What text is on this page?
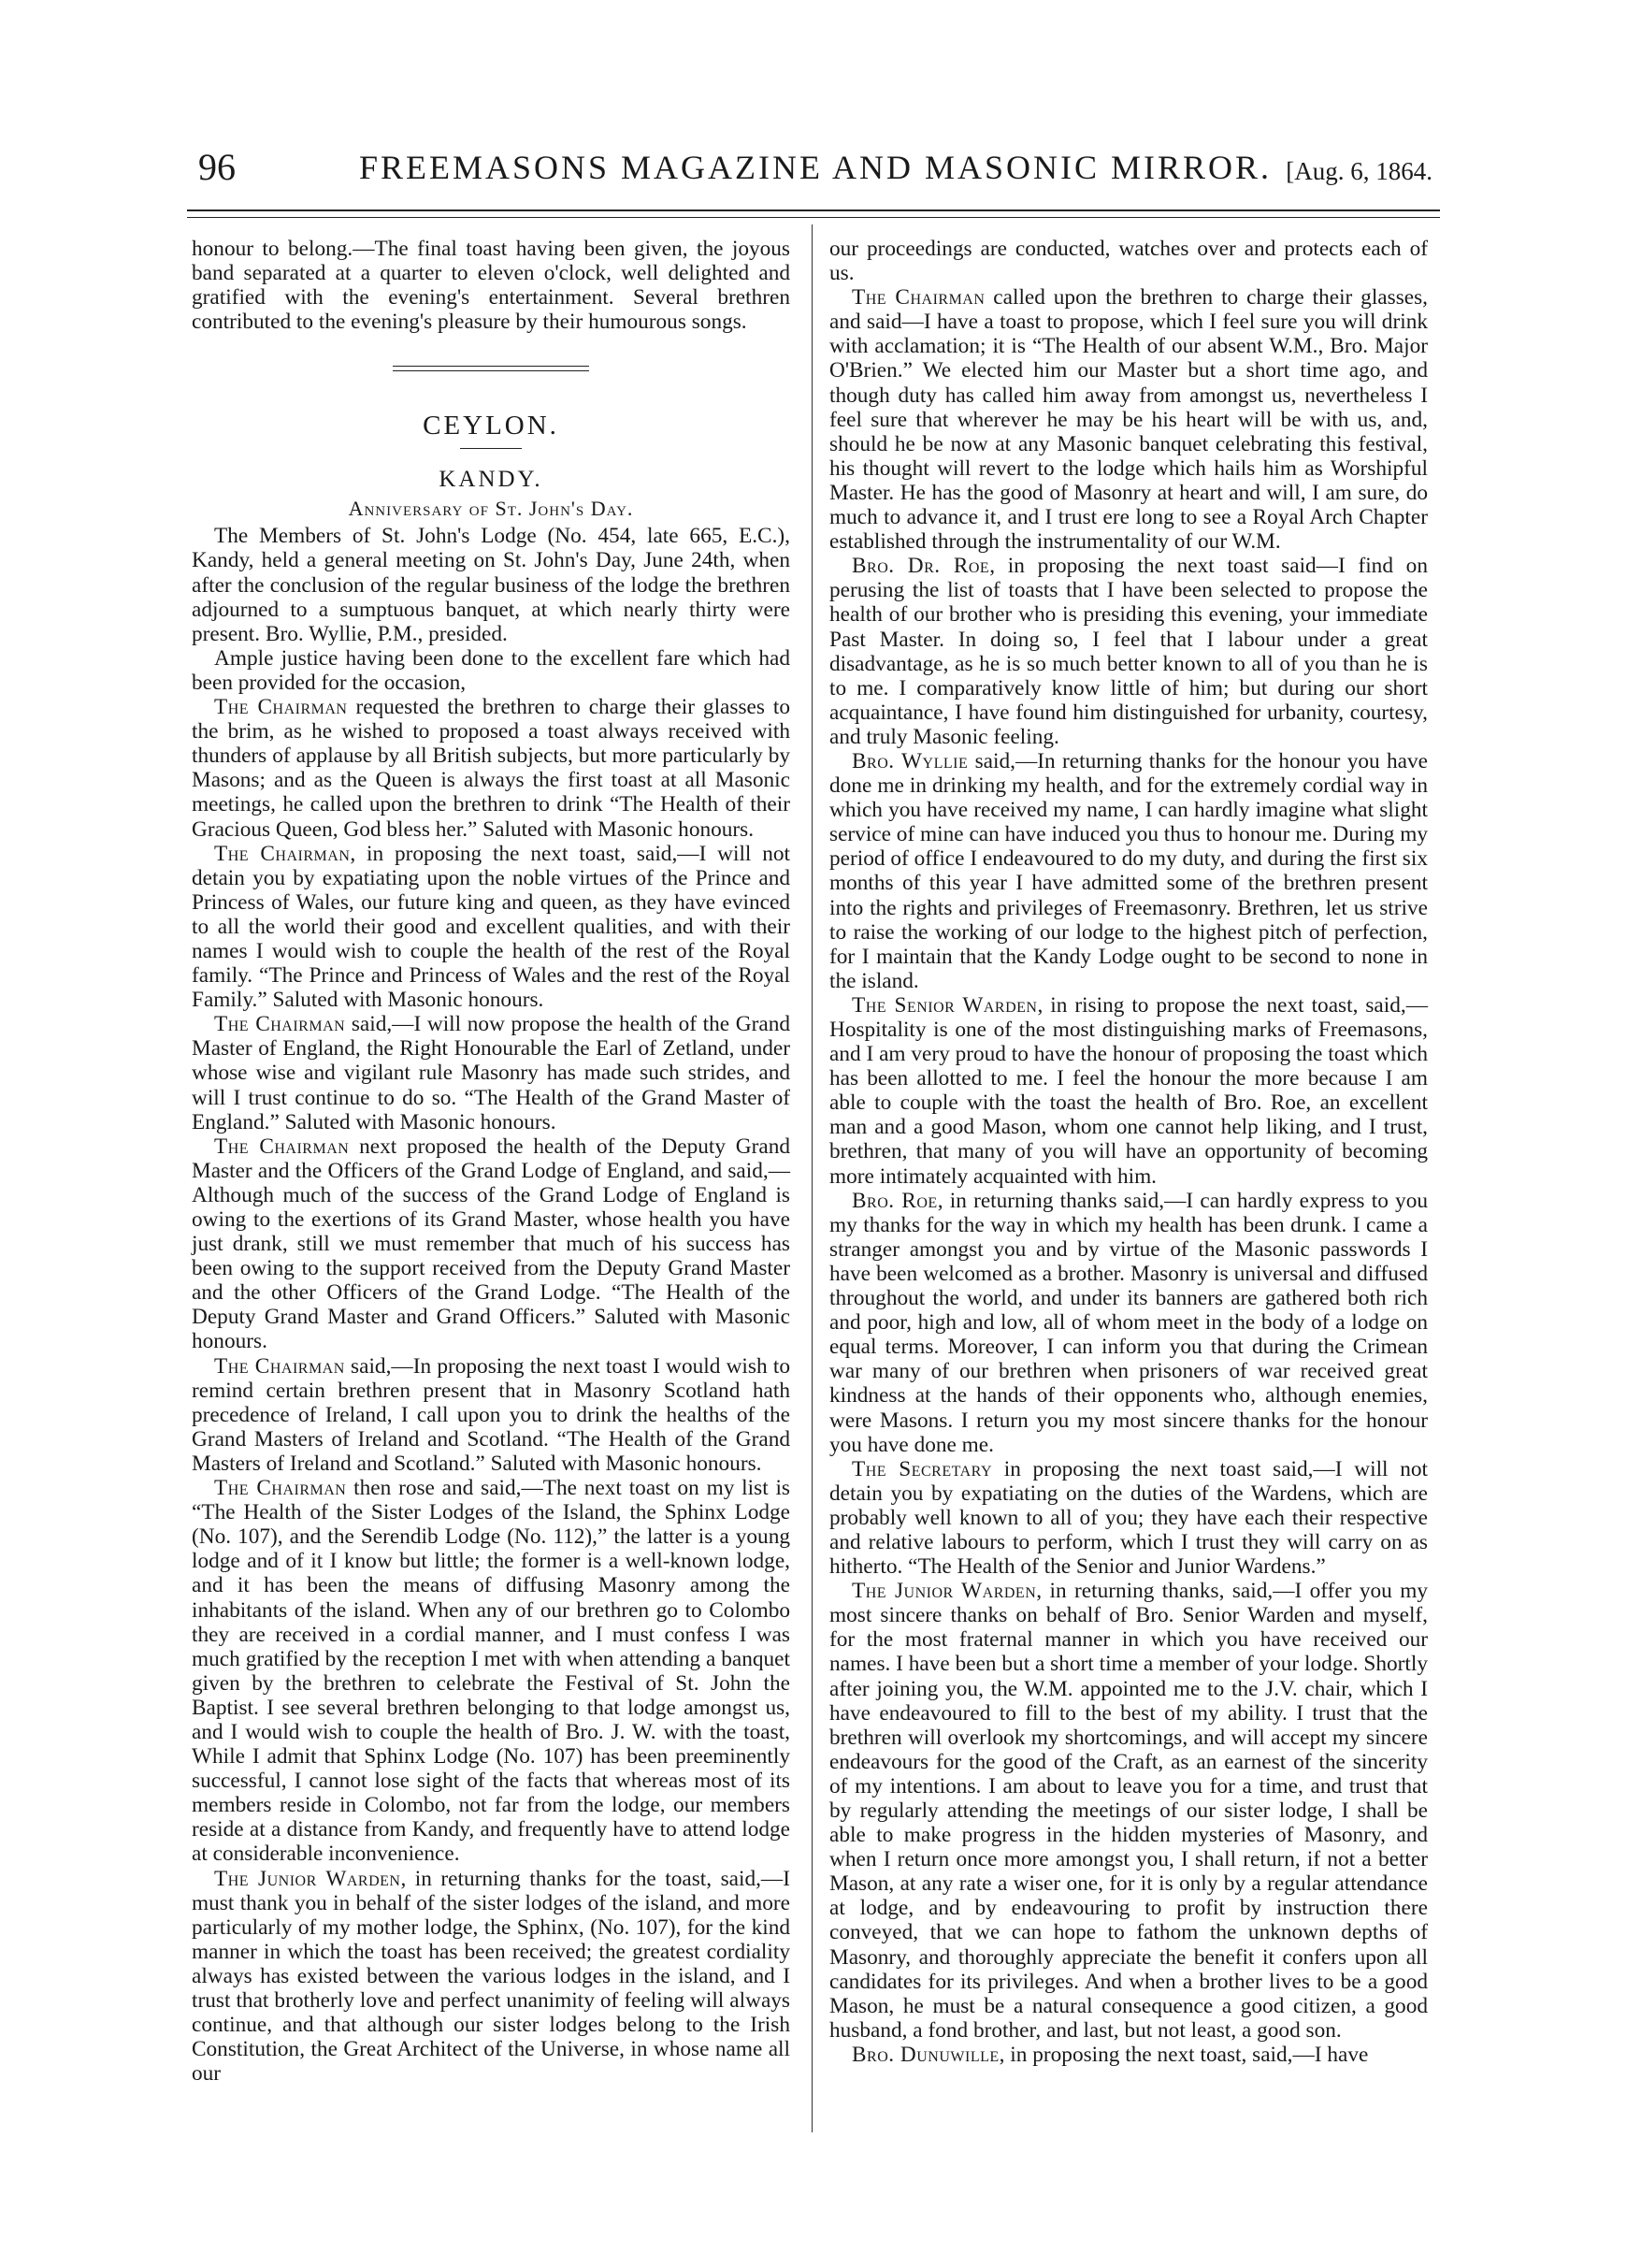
96	FREEMASONS MAGAZINE AND MASONIC MIRROR. [Aug. 6, 1864.

honour to belong.—The final toast having been given, the joyous band separated at a quarter to eleven o'clock, well delighted and gratified with the evening's entertainment. Several brethren contributed to the evening's pleasure by their humourous songs.

CEYLON.
KANDY.
Anniversary of St. John's Day.

The Members of St. John's Lodge (No. 454, late 665, E.C.), Kandy, held a general meeting on St. John's Day, June 24th, when after the conclusion of the regular business of the lodge the brethren adjourned to a sumptuous banquet, at which nearly thirty were present. Bro. Wyllie, P.M., presided.

Ample justice having been done to the excellent fare which had been provided for the occasion,

The Chairman requested the brethren to charge their glasses to the brim, as he wished to proposed a toast always received with thunders of applause by all British subjects, but more particularly by Masons; and as the Queen is always the first toast at all Masonic meetings, he called upon the brethren to drink “The Health of their Gracious Queen, God bless her.” Saluted with Masonic honours.

The Chairman, in proposing the next toast, said,—I will not detain you by expatiating upon the noble virtues of the Prince and Princess of Wales, our future king and queen, as they have evinced to all the world their good and excellent qualities, and with their names I would wish to couple the health of the rest of the Royal family. “The Prince and Princess of Wales and the rest of the Royal Family.” Saluted with Masonic honours.

The Chairman said,—I will now propose the health of the Grand Master of England, the Right Honourable the Earl of Zetland, under whose wise and vigilant rule Masonry has made such strides, and will I trust continue to do so. “The Health of the Grand Master of England.” Saluted with Masonic honours.

The Chairman next proposed the health of the Deputy Grand Master and the Officers of the Grand Lodge of England, and said,—Although much of the success of the Grand Lodge of England is owing to the exertions of its Grand Master, whose health you have just drank, still we must remember that much of his success has been owing to the support received from the Deputy Grand Master and the other Officers of the Grand Lodge. “The Health of the Deputy Grand Master and Grand Officers.” Saluted with Masonic honours.

The Chairman said,—In proposing the next toast I would wish to remind certain brethren present that in Masonry Scotland hath precedence of Ireland, I call upon you to drink the healths of the Grand Masters of Ireland and Scotland. “The Health of the Grand Masters of Ireland and Scotland.” Saluted with Masonic honours.

The Chairman then rose and said,—The next toast on my list is “The Health of the Sister Lodges of the Island, the Sphinx Lodge (No. 107), and the Serendib Lodge (No. 112),” the latter is a young lodge and of it I know but little; the former is a well-known lodge, and it has been the means of diffusing Masonry among the inhabitants of the island. When any of our brethren go to Colombo they are received in a cordial manner, and I must confess I was much gratified by the reception I met with when attending a banquet given by the brethren to celebrate the Festival of St. John the Baptist. I see several brethren belonging to that lodge amongst us, and I would wish to couple the health of Bro. J. W. with the toast, While I admit that Sphinx Lodge (No. 107) has been preeminently successful, I cannot lose sight of the facts that whereas most of its members reside in Colombo, not far from the lodge, our members reside at a distance from Kandy, and frequently have to attend lodge at considerable inconvenience.

The Junior Warden, in returning thanks for the toast, said,—I must thank you in behalf of the sister lodges of the island, and more particularly of my mother lodge, the Sphinx, (No. 107), for the kind manner in which the toast has been received; the greatest cordiality always has existed between the various lodges in the island, and I trust that brotherly love and perfect unanimity of feeling will always continue, and that although our sister lodges belong to the Irish Constitution, the Great Architect of the Universe, in whose name all our

our proceedings are conducted, watches over and protects each of us.

The Chairman called upon the brethren to charge their glasses, and said—I have a toast to propose, which I feel sure you will drink with acclamation; it is “The Health of our absent W.M., Bro. Major O'Brien.” We elected him our Master but a short time ago, and though duty has called him away from amongst us, nevertheless I feel sure that wherever he may be his heart will be with us, and, should he be now at any Masonic banquet celebrating this festival, his thought will revert to the lodge which hails him as Worshipful Master. He has the good of Masonry at heart and will, I am sure, do much to advance it, and I trust ere long to see a Royal Arch Chapter established through the instrumentality of our W.M.

Bro. Dr. Roe, in proposing the next toast said—I find on perusing the list of toasts that I have been selected to propose the health of our brother who is presiding this evening, your immediate Past Master. In doing so, I feel that I labour under a great disadvantage, as he is so much better known to all of you than he is to me. I comparatively know little of him; but during our short acquaintance, I have found him distinguished for urbanity, courtesy, and truly Masonic feeling.

Bro. Wyllie said,—In returning thanks for the honour you have done me in drinking my health, and for the extremely cordial way in which you have received my name, I can hardly imagine what slight service of mine can have induced you thus to honour me. During my period of office I endeavoured to do my duty, and during the first six months of this year I have admitted some of the brethren present into the rights and privileges of Freemasonry. Brethren, let us strive to raise the working of our lodge to the highest pitch of perfection, for I maintain that the Kandy Lodge ought to be second to none in the island.

The Senior Warden, in rising to propose the next toast, said,—Hospitality is one of the most distinguishing marks of Freemasons, and I am very proud to have the honour of proposing the toast which has been allotted to me. I feel the honour the more because I am able to couple with the toast the health of Bro. Roe, an excellent man and a good Mason, whom one cannot help liking, and I trust, brethren, that many of you will have an opportunity of becoming more intimately acquainted with him.

Bro. Roe, in returning thanks said,—I can hardly express to you my thanks for the way in which my health has been drunk. I came a stranger amongst you and by virtue of the Masonic passwords I have been welcomed as a brother. Masonry is universal and diffused throughout the world, and under its banners are gathered both rich and poor, high and low, all of whom meet in the body of a lodge on equal terms. Moreover, I can inform you that during the Crimean war many of our brethren when prisoners of war received great kindness at the hands of their opponents who, although enemies, were Masons. I return you my most sincere thanks for the honour you have done me.

The Secretary in proposing the next toast said,—I will not detain you by expatiating on the duties of the Wardens, which are probably well known to all of you; they have each their respective and relative labours to perform, which I trust they will carry on as hitherto. “The Health of the Senior and Junior Wardens.”

The Junior Warden, in returning thanks, said,—I offer you my most sincere thanks on behalf of Bro. Senior Warden and myself, for the most fraternal manner in which you have received our names. I have been but a short time a member of your lodge. Shortly after joining you, the W.M. appointed me to the J.V. chair, which I have endeavoured to fill to the best of my ability. I trust that the brethren will overlook my shortcomings, and will accept my sincere endeavours for the good of the Craft, as an earnest of the sincerity of my intentions. I am about to leave you for a time, and trust that by regularly attending the meetings of our sister lodge, I shall be able to make progress in the hidden mysteries of Masonry, and when I return once more amongst you, I shall return, if not a better Mason, at any rate a wiser one, for it is only by a regular attendance at lodge, and by endeavouring to profit by instruction there conveyed, that we can hope to fathom the unknown depths of Masonry, and thoroughly appreciate the benefit it confers upon all candidates for its privileges. And when a brother lives to be a good Mason, he must be a natural consequence a good citizen, a good husband, a fond brother, and last, but not least, a good son.

Bro. Dunuwille, in proposing the next toast, said,—I have
